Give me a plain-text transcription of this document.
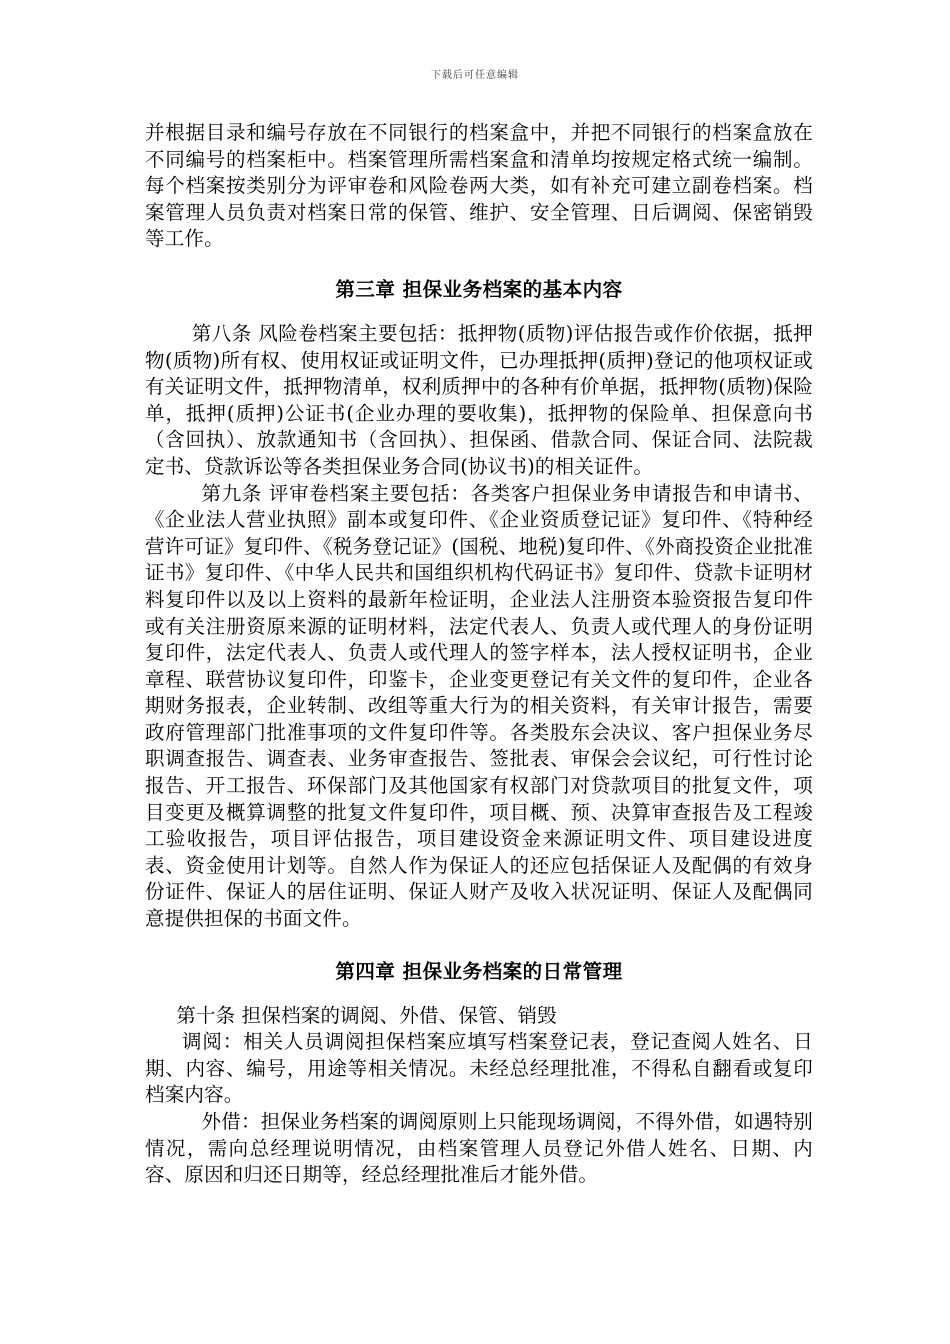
下载后可任意编辑

并根据目录和编号存放在不同银行的档案盒中，并把不同银行的档案盒放在不同编号的档案柜中。档案管理所需档案盒和清单均按规定格式统一编制。每个档案按类别分为评审卷和风险卷两大类，如有补充可建立副卷档案。档案管理人员负责对档案日常的保管、维护、安全管理、日后调阅、保密销毁等工作。

第三章 担保业务档案的基本内容

第八条 风险卷档案主要包括：抵押物(质物)评估报告或作价依据，抵押物(质物)所有权、使用权证或证明文件，已办理抵押(质押)登记的他项权证或有关证明文件，抵押物清单，权利质押中的各种有价单据，抵押物(质物)保险单，抵押(质押)公证书(企业办理的要收集)，抵押物的保险单、担保意向书（含回执）、放款通知书（含回执）、担保函、借款合同、保证合同、法院裁定书、贷款诉讼等各类担保业务合同(协议书)的相关证件。

第九条 评审卷档案主要包括：各类客户担保业务申请报告和申请书、《企业法人营业执照》副本或复印件、《企业资质登记证》复印件、《特种经营许可证》复印件、《税务登记证》(国税、地税)复印件、《外商投资企业批准证书》复印件、《中华人民共和国组织机构代码证书》复印件、贷款卡证明材料复印件以及以上资料的最新年检证明，企业法人注册资本验资报告复印件或有关注册资原来源的证明材料，法定代表人、负责人或代理人的身份证明复印件，法定代表人、负责人或代理人的签字样本，法人授权证明书，企业章程、联营协议复印件，印鉴卡，企业变更登记有关文件的复印件，企业各期财务报表，企业转制、改组等重大行为的相关资料，有关审计报告，需要政府管理部门批准事项的文件复印件等。各类股东会决议、客户担保业务尽职调查报告、调查表、业务审查报告、签批表、审保会会议纪，可行性讨论报告、开工报告、环保部门及其他国家有权部门对贷款项目的批复文件，项目变更及概算调整的批复文件复印件，项目概、预、决算审查报告及工程竣工验收报告，项目评估报告，项目建设资金来源证明文件、项目建设进度表、资金使用计划等。自然人作为保证人的还应包括保证人及配偶的有效身份证件、保证人的居住证明、保证人财产及收入状况证明、保证人及配偶同意提供担保的书面文件。

第四章 担保业务档案的日常管理

第十条 担保档案的调阅、外借、保管、销毁

调阅：相关人员调阅担保档案应填写档案登记表，登记查阅人姓名、日期、内容、编号，用途等相关情况。未经总经理批准，不得私自翻看或复印档案内容。

外借：担保业务档案的调阅原则上只能现场调阅，不得外借，如遇特别情况，需向总经理说明情况，由档案管理人员登记外借人姓名、日期、内容、原因和归还日期等，经总经理批准后才能外借。
